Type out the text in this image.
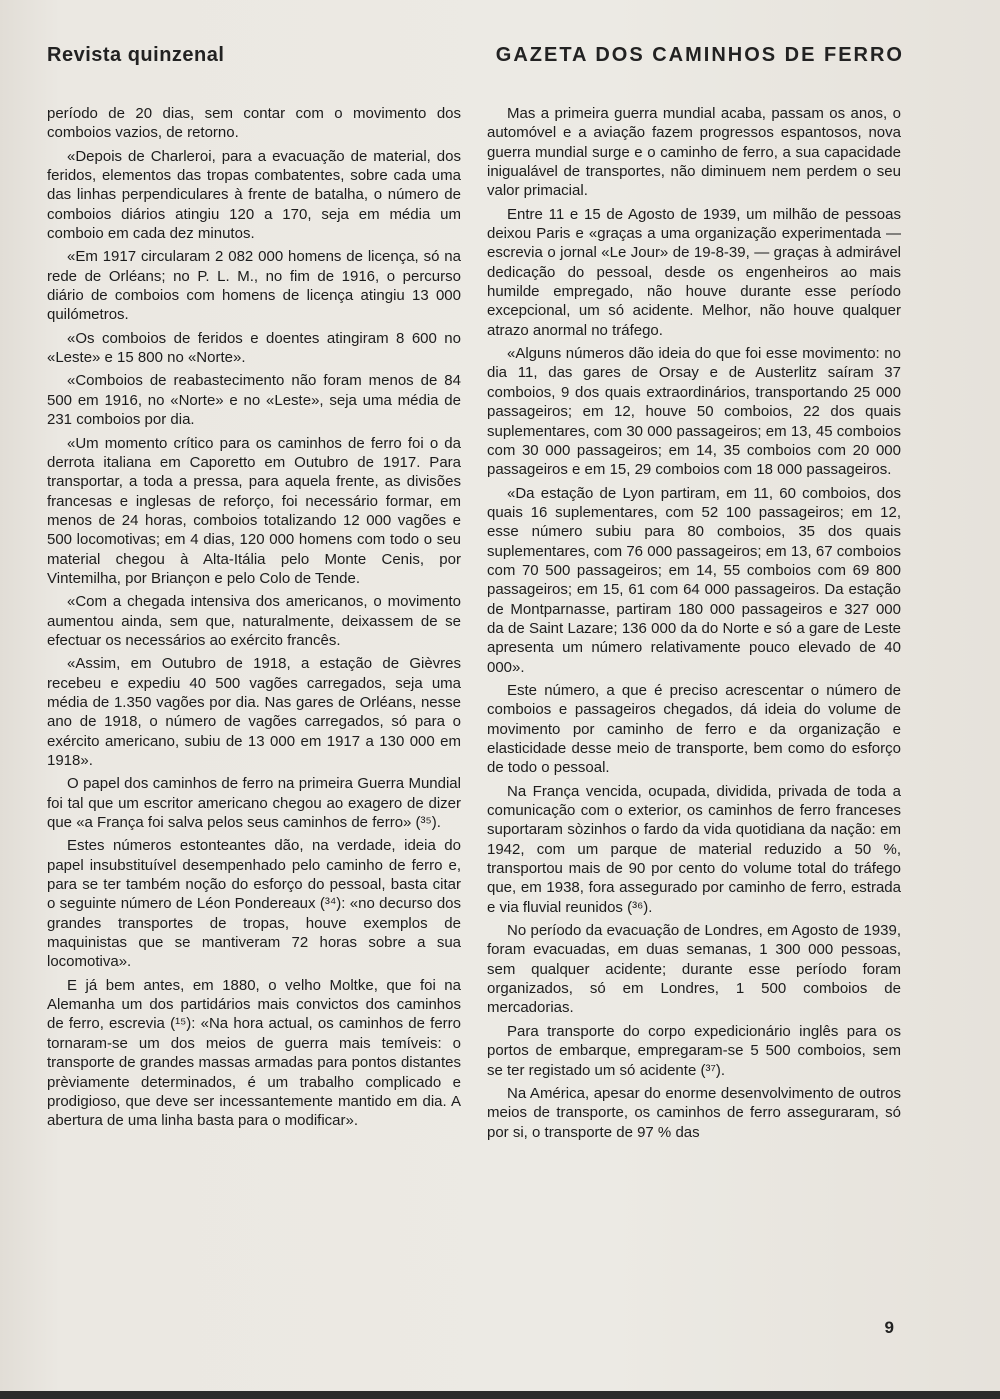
Revista quinzenal	GAZETA DOS CAMINHOS DE FERRO

período de 20 dias, sem contar com o movimento dos comboios vazios, de retorno.

«Depois de Charleroi, para a evacuação de material, dos feridos, elementos das tropas combatentes, sobre cada uma das linhas perpendiculares à frente de batalha, o número de comboios diários atingiu 120 a 170, seja em média um comboio em cada dez minutos.

«Em 1917 circularam 2 082 000 homens de licença, só na rede de Orléans; no P. L. M., no fim de 1916, o percurso diário de comboios com homens de licença atingiu 13 000 quilómetros.

«Os comboios de feridos e doentes atingiram 8 600 no «Leste» e 15 800 no «Norte».

«Comboios de reabastecimento não foram menos de 84 500 em 1916, no «Norte» e no «Leste», seja uma média de 231 comboios por dia.

«Um momento crítico para os caminhos de ferro foi o da derrota italiana em Caporetto em Outubro de 1917. Para transportar, a toda a pressa, para aquela frente, as divisões francesas e inglesas de reforço, foi necessário formar, em menos de 24 horas, comboios totalizando 12 000 vagões e 500 locomotivas; em 4 dias, 120 000 homens com todo o seu material chegou à Alta-Itália pelo Monte Cenis, por Vintemilha, por Briançon e pelo Colo de Tende.

«Com a chegada intensiva dos americanos, o movimento aumentou ainda, sem que, naturalmente, deixassem de se efectuar os necessários ao exército francês.

«Assim, em Outubro de 1918, a estação de Gièvres recebeu e expediu 40 500 vagões carregados, seja uma média de 1.350 vagões por dia. Nas gares de Orléans, nesse ano de 1918, o número de vagões carregados, só para o exército americano, subiu de 13 000 em 1917 a 130 000 em 1918».

O papel dos caminhos de ferro na primeira Guerra Mundial foi tal que um escritor americano chegou ao exagero de dizer que «a França foi salva pelos seus caminhos de ferro» (³⁵).

Estes números estonteantes dão, na verdade, ideia do papel insubstituível desempenhado pelo caminho de ferro e, para se ter também noção do esforço do pessoal, basta citar o seguinte número de Léon Pondereaux (³⁴): «no decurso dos grandes transportes de tropas, houve exemplos de maquinistas que se mantiveram 72 horas sobre a sua locomotiva».

E já bem antes, em 1880, o velho Moltke, que foi na Alemanha um dos partidários mais convictos dos caminhos de ferro, escrevia (¹⁵): «Na hora actual, os caminhos de ferro tornaram-se um dos meios de guerra mais temíveis: o transporte de grandes massas armadas para pontos distantes prèviamente determinados, é um trabalho complicado e prodigioso, que deve ser incessantemente mantido em dia. A abertura de uma linha basta para o modificar».

Mas a primeira guerra mundial acaba, passam os anos, o automóvel e a aviação fazem progressos espantosos, nova guerra mundial surge e o caminho de ferro, a sua capacidade inigualável de transportes, não diminuem nem perdem o seu valor primacial.

Entre 11 e 15 de Agosto de 1939, um milhão de pessoas deixou Paris e «graças a uma organização experimentada — escrevia o jornal «Le Jour» de 19-8-39, — graças à admirável dedicação do pessoal, desde os engenheiros ao mais humilde empregado, não houve durante esse período excepcional, um só acidente. Melhor, não houve qualquer atrazo anormal no tráfego.

«Alguns números dão ideia do que foi esse movimento: no dia 11, das gares de Orsay e de Austerlitz saíram 37 comboios, 9 dos quais extraordinários, transportando 25 000 passageiros; em 12, houve 50 comboios, 22 dos quais suplementares, com 30 000 passageiros; em 13, 45 comboios com 30 000 passageiros; em 14, 35 comboios com 20 000 passageiros e em 15, 29 comboios com 18 000 passageiros.

«Da estação de Lyon partiram, em 11, 60 comboios, dos quais 16 suplementares, com 52 100 passageiros; em 12, esse número subiu para 80 comboios, 35 dos quais suplementares, com 76 000 passageiros; em 13, 67 comboios com 70 500 passageiros; em 14, 55 comboios com 69 800 passageiros; em 15, 61 com 64 000 passageiros. Da estação de Montparnasse, partiram 180 000 passageiros e 327 000 da de Saint Lazare; 136 000 da do Norte e só a gare de Leste apresenta um número relativamente pouco elevado de 40 000».

Este número, a que é preciso acrescentar o número de comboios e passageiros chegados, dá ideia do volume de movimento por caminho de ferro e da organização e elasticidade desse meio de transporte, bem como do esforço de todo o pessoal.

Na França vencida, ocupada, dividida, privada de toda a comunicação com o exterior, os caminhos de ferro franceses suportaram sòzinhos o fardo da vida quotidiana da nação: em 1942, com um parque de material reduzido a 50 %, transportou mais de 90 por cento do volume total do tráfego que, em 1938, fora assegurado por caminho de ferro, estrada e via fluvial reunidos (³⁶).

No período da evacuação de Londres, em Agosto de 1939, foram evacuadas, em duas semanas, 1 300 000 pessoas, sem qualquer acidente; durante esse período foram organizados, só em Londres, 1 500 comboios de mercadorias.

Para transporte do corpo expedicionário inglês para os portos de embarque, empregaram-se 5 500 comboios, sem se ter registado um só acidente (³⁷).

Na América, apesar do enorme desenvolvimento de outros meios de transporte, os caminhos de ferro asseguraram, só por si, o transporte de 97 % das

9
